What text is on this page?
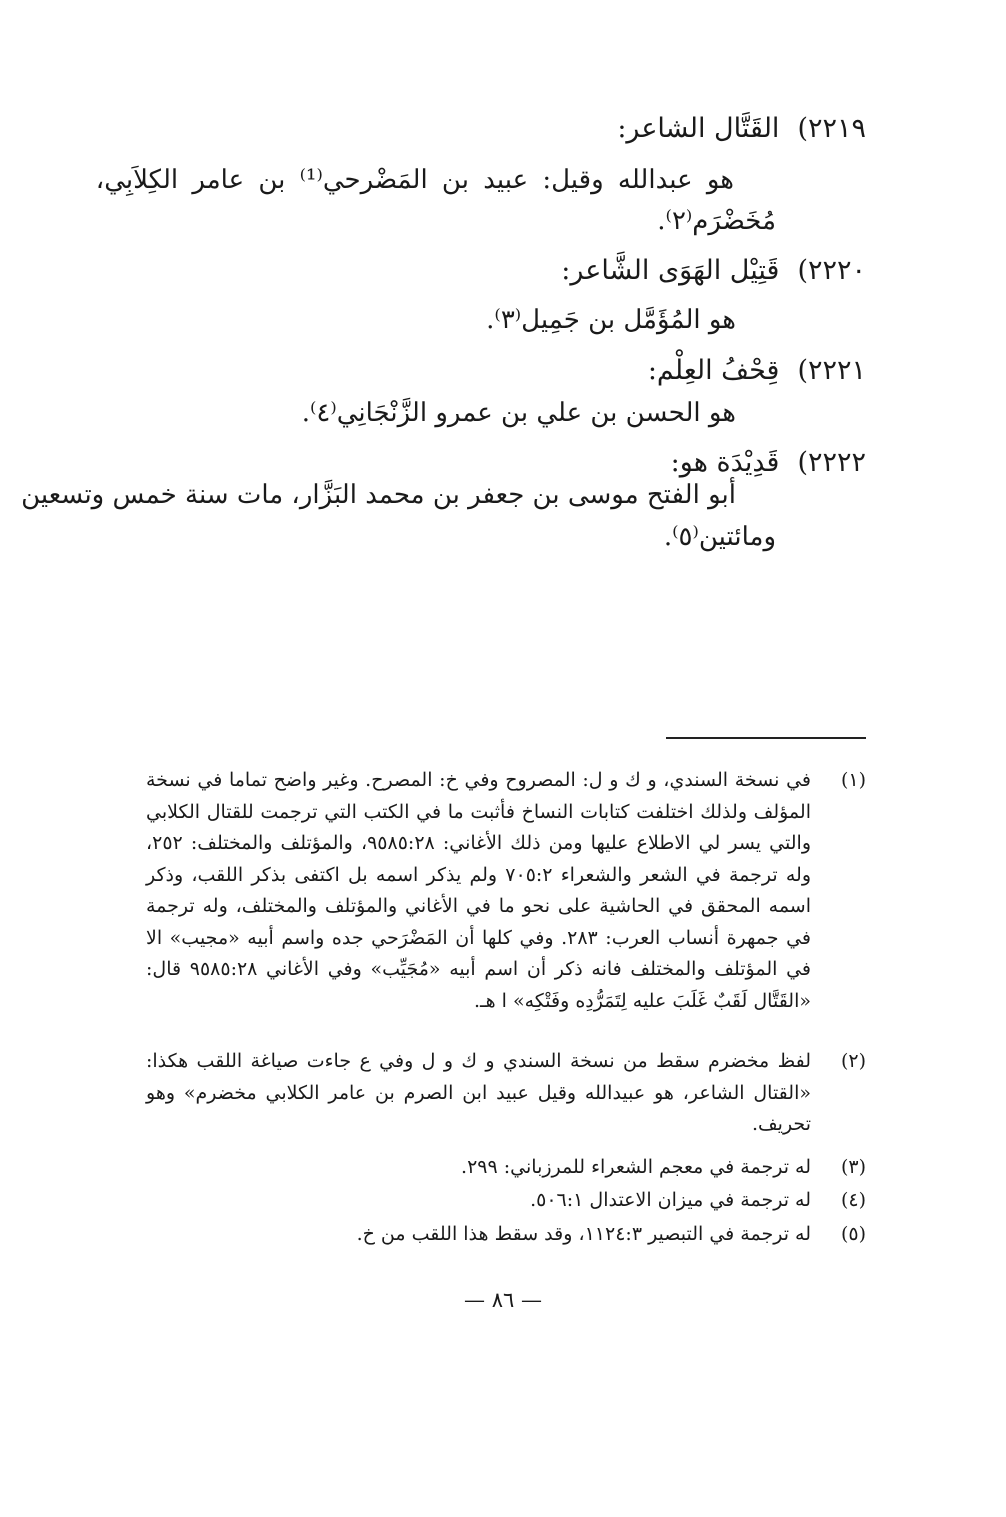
٢٢١٩)القَتَّال الشاعر:
هو عبدالله وقيل: عبيد بن المَضْرحي⁽¹⁾ بن عامر الكِلاَبِي،
مُخَضْرَم⁽٢⁾.
٢٢٢٠)قَتِيْل الهَوَى الشَّاعر:
هو المُؤَمَّل بن جَمِيل⁽٣⁾.
٢٢٢١)قِحْفُ العِلْم:
هو الحسن بن علي بن عمرو الزَّنْجَانِي⁽٤⁾.
٢٢٢٢)قَدِيْدَة هو:
أبو الفتح موسى بن جعفر بن محمد البَزَّار، مات سنة خمس وتسعين
ومائتين⁽٥⁾.
(١)
في نسخة السندي، و ك و ل: المصروح وفي خ: المصرح. وغير واضح تماما في نسخة المؤلف ولذلك اختلفت كتابات النساخ فأثبت ما في الكتب التي ترجمت للقتال الكلابي والتي يسر لي الاطلاع عليها ومن ذلك الأغاني: ٩٥٨٥:٢٨، والمؤتلف والمختلف: ٢٥٢، وله ترجمة في الشعر والشعراء ٧٠٥:٢ ولم يذكر اسمه بل اكتفى بذكر اللقب، وذكر اسمه المحقق في الحاشية على نحو ما في الأغاني والمؤتلف والمختلف، وله ترجمة في جمهرة أنساب العرب: ٢٨٣. وفي كلها أن المَضْرَحي جده واسم أبيه «مجيب» الا في المؤتلف والمختلف فانه ذكر أن اسم أبيه «مُجَيِّب» وفي الأغاني ٩٥٨٥:٢٨ قال: «القَتَّال لَقَبٌ غَلَبَ عليه لِتَمَرُّدِه وفَتْكِه» ا هـ.
(٢)
لفظ مخضرم سقط من نسخة السندي و ك و ل وفي ع جاءت صياغة اللقب هكذا: «القتال الشاعر، هو عبيدالله وقيل عبيد ابن الصرم بن عامر الكلابي مخضرم» وهو تحريف.
(٣)
له ترجمة في معجم الشعراء للمرزباني: ٢٩٩.
(٤)
له ترجمة في ميزان الاعتدال ٥٠٦:١.
(٥)
له ترجمة في التبصير ١١٢٤:٣، وقد سقط هذا اللقب من خ.
— ٨٦ —
